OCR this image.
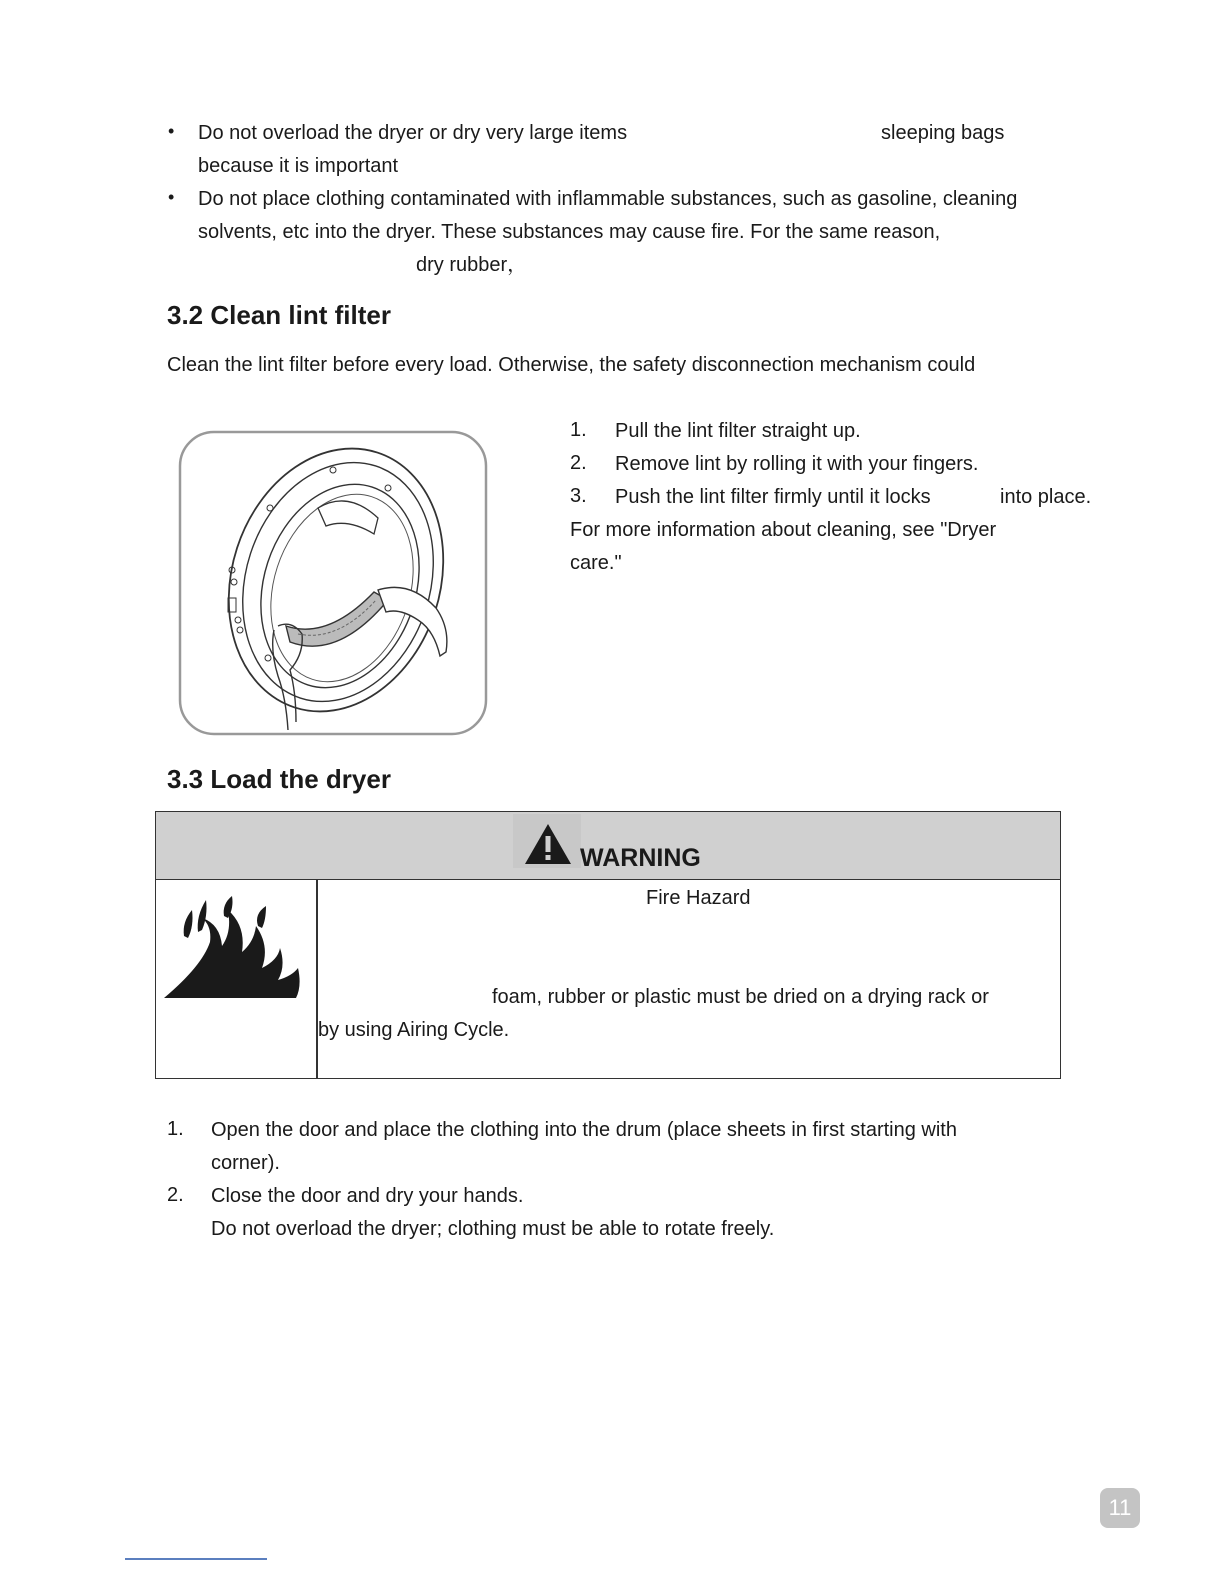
• Do not overload the dryer or dry very large items	sleeping bags
because it is important
• Do not place clothing contaminated with inflammable substances, such as gasoline, cleaning
solvents, etc into the dryer. These substances may cause fire. For the same reason,
dry rubber，
3.2 Clean lint filter
Clean the lint filter before every load. Otherwise, the safety disconnection mechanism could
1. Pull the lint filter straight up.
2. Remove lint by rolling it with your fingers.
3. Push the lint filter firmly until it locks	into place.
For more information about cleaning, see "Dryer
care."
3.3 Load the dryer
WARNING
Fire Hazard
foam, rubber or plastic must be dried on a drying rack or
by using Airing Cycle.
1. Open the door and place the clothing into the drum (place sheets in first starting with
corner).
2. Close the door and dry your hands.
Do not overload the dryer; clothing must be able to rotate freely.
11
